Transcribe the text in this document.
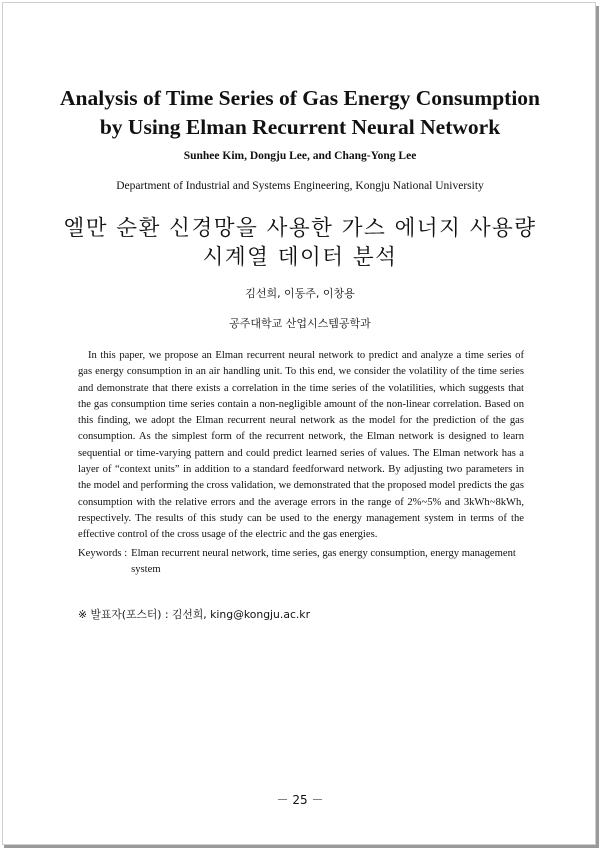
Analysis of Time Series of Gas Energy Consumption
by Using Elman Recurrent Neural Network
Sunhee Kim, Dongju Lee, and Chang-Yong Lee
Department of Industrial and Systems Engineering, Kongju National University
엘만 순환 신경망을 사용한 가스 에너지 사용량
시계열 데이터 분석
김선희, 이동주, 이창용
공주대학교 산업시스템공학과

In this paper, we propose an Elman recurrent neural network to predict and analyze a time series of gas energy consumption in an air handling unit. To this end, we consider the volatility of the time series and demonstrate that there exists a correlation in the time series of the volatilities, which suggests that the gas consumption time series contain a non-negligible amount of the non-linear correlation. Based on this finding, we adopt the Elman recurrent neural network as the model for the prediction of the gas consumption. As the simplest form of the recurrent network, the Elman network is designed to learn sequential or time-varying pattern and could predict learned series of values. The Elman network has a layer of “context units” in addition to a standard feedforward network. By adjusting two parameters in the model and performing the cross validation, we demonstrated that the proposed model predicts the gas consumption with the relative errors and the average errors in the range of 2%~5% and 3kWh~8kWh, respectively. The results of this study can be used to the energy management system in terms of the effective control of the cross usage of the electric and the gas energies.

Keywords : Elman recurrent neural network, time series, gas energy consumption, energy management system
※ 발표자(포스터) : 김선희, king@kongju.ac.kr
－ 25 －
